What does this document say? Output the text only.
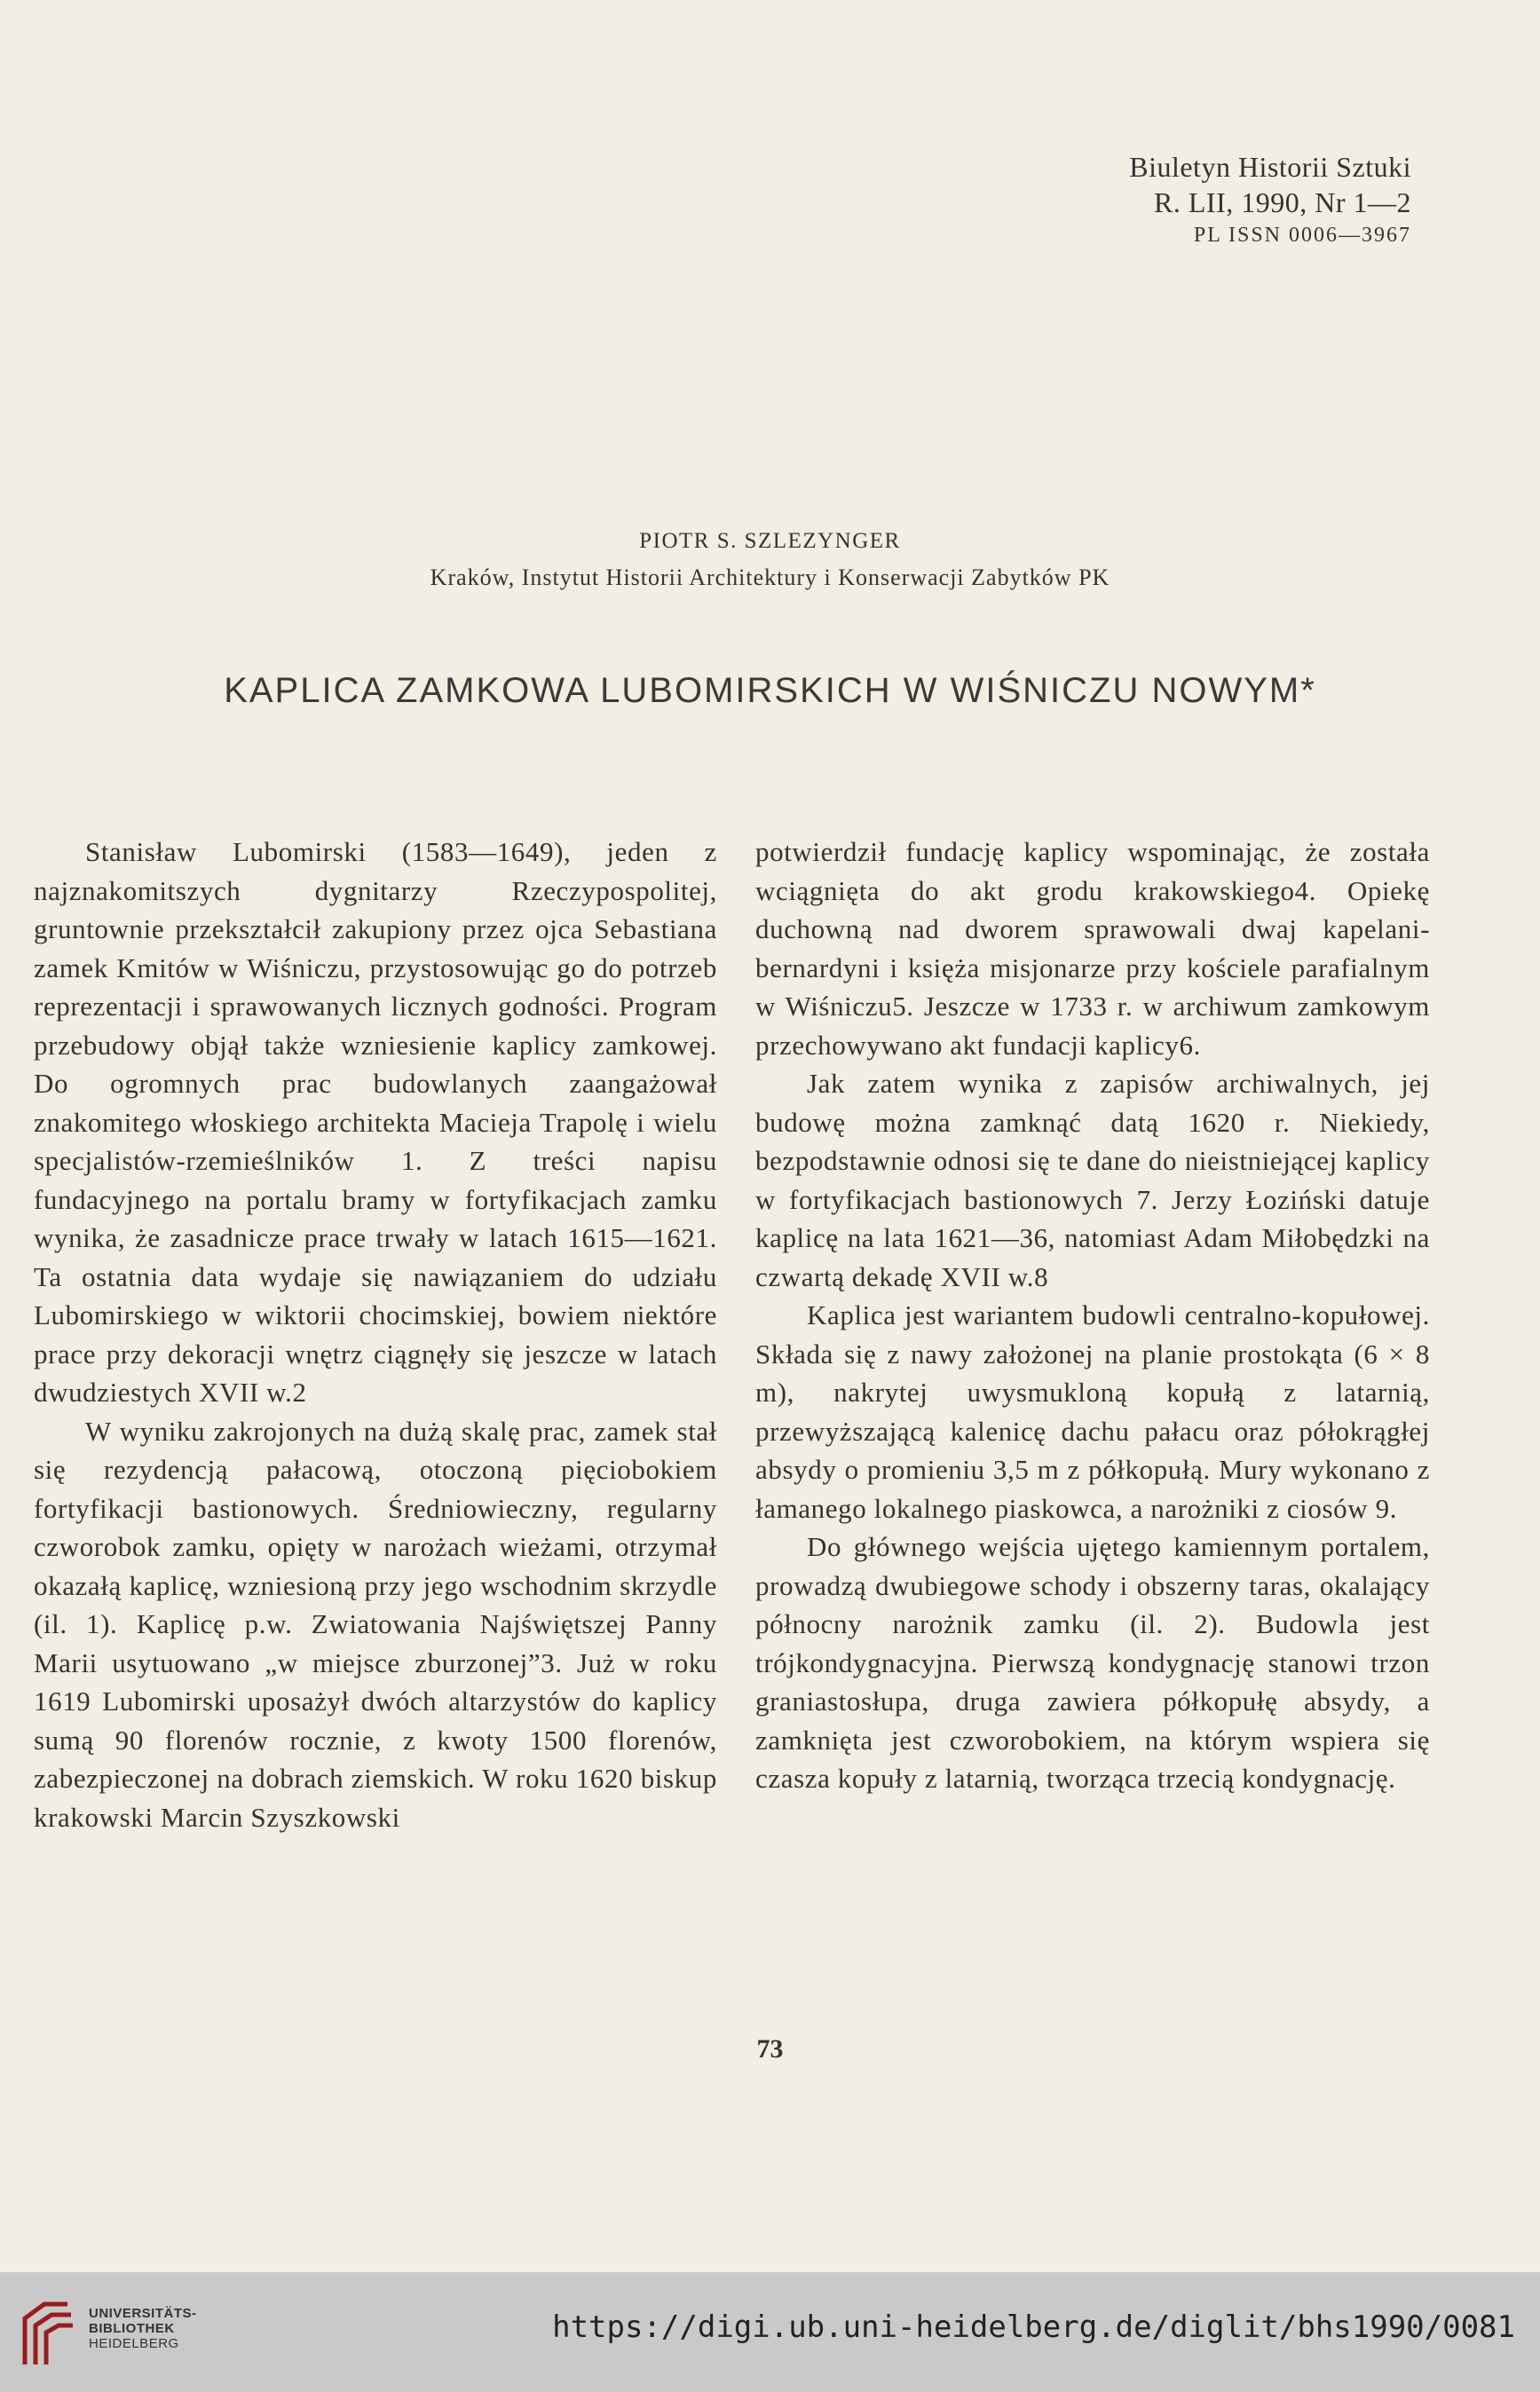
Biuletyn Historii Sztuki
R. LII, 1990, Nr 1—2
PL ISSN 0006—3967
PIOTR S. SZLEZYNGER
Kraków, Instytut Historii Architektury i Konserwacji Zabytków PK
KAPLICA ZAMKOWA LUBOMIRSKICH W WIŚNICZU NOWYM*

Stanisław Lubomirski (1583—1649), jeden z najznakomitszych dygnitarzy Rzeczypospolitej, gruntownie przekształcił zakupiony przez ojca Sebastiana zamek Kmitów w Wiśniczu, przystosowując go do potrzeb reprezentacji i sprawowanych licznych godności. Program przebudowy objął także wzniesienie kaplicy zamkowej. Do ogromnych prac budowlanych zaangażował znakomitego włoskiego architekta Macieja Trapolę i wielu specjalistów-rzemieślników 1. Z treści napisu fundacyjnego na portalu bramy w fortyfikacjach zamku wynika, że zasadnicze prace trwały w latach 1615—1621. Ta ostatnia data wydaje się nawiązaniem do udziału Lubomirskiego w wiktorii chocimskiej, bowiem niektóre prace przy dekoracji wnętrz ciągnęły się jeszcze w latach dwudziestych XVII w.2

W wyniku zakrojonych na dużą skalę prac, zamek stał się rezydencją pałacową, otoczoną pięciobokiem fortyfikacji bastionowych. Średniowieczny, regularny czworobok zamku, opięty w narożach wieżami, otrzymał okazałą kaplicę, wzniesioną przy jego wschodnim skrzydle (il. 1). Kaplicę p.w. Zwiatowania Najświętszej Panny Marii usytuowano „w miejsce zburzonej”3. Już w roku 1619 Lubomirski uposażył dwóch altarzystów do kaplicy sumą 90 florenów rocznie, z kwoty 1500 florenów, zabezpieczonej na dobrach ziemskich. W roku 1620 biskup krakowski Marcin Szyszkowski

potwierdził fundację kaplicy wspominając, że została wciągnięta do akt grodu krakowskiego4. Opiekę duchowną nad dworem sprawowali dwaj kapelani-bernardyni i księża misjonarze przy kościele parafialnym w Wiśniczu5. Jeszcze w 1733 r. w archiwum zamkowym przechowywano akt fundacji kaplicy6.

Jak zatem wynika z zapisów archiwalnych, jej budowę można zamknąć datą 1620 r. Niekiedy, bezpodstawnie odnosi się te dane do nieistniejącej kaplicy w fortyfikacjach bastionowych 7. Jerzy Łoziński datuje kaplicę na lata 1621—36, natomiast Adam Miłobędzki na czwartą dekadę XVII w.8

Kaplica jest wariantem budowli centralno-kopułowej. Składa się z nawy założonej na planie prostokąta (6 × 8 m), nakrytej uwysmukloną kopułą z latarnią, przewyższającą kalenicę dachu pałacu oraz półokrągłej absydy o promieniu 3,5 m z półkopułą. Mury wykonano z łamanego lokalnego piaskowca, a narożniki z ciosów 9.

Do głównego wejścia ujętego kamiennym portalem, prowadzą dwubiegowe schody i obszerny taras, okalający północny narożnik zamku (il. 2). Budowla jest trójkondygnacyjna. Pierwszą kondygnację stanowi trzon graniastosłupa, druga zawiera półkopułę absydy, a zamknięta jest czworobokiem, na którym wspiera się czasza kopuły z latarnią, tworząca trzecią kondygnację.

73
UNIVERSITÄTS-
BIBLIOTHEK
HEIDELBERG	https://digi.ub.uni-heidelberg.de/diglit/bhs1990/0081
